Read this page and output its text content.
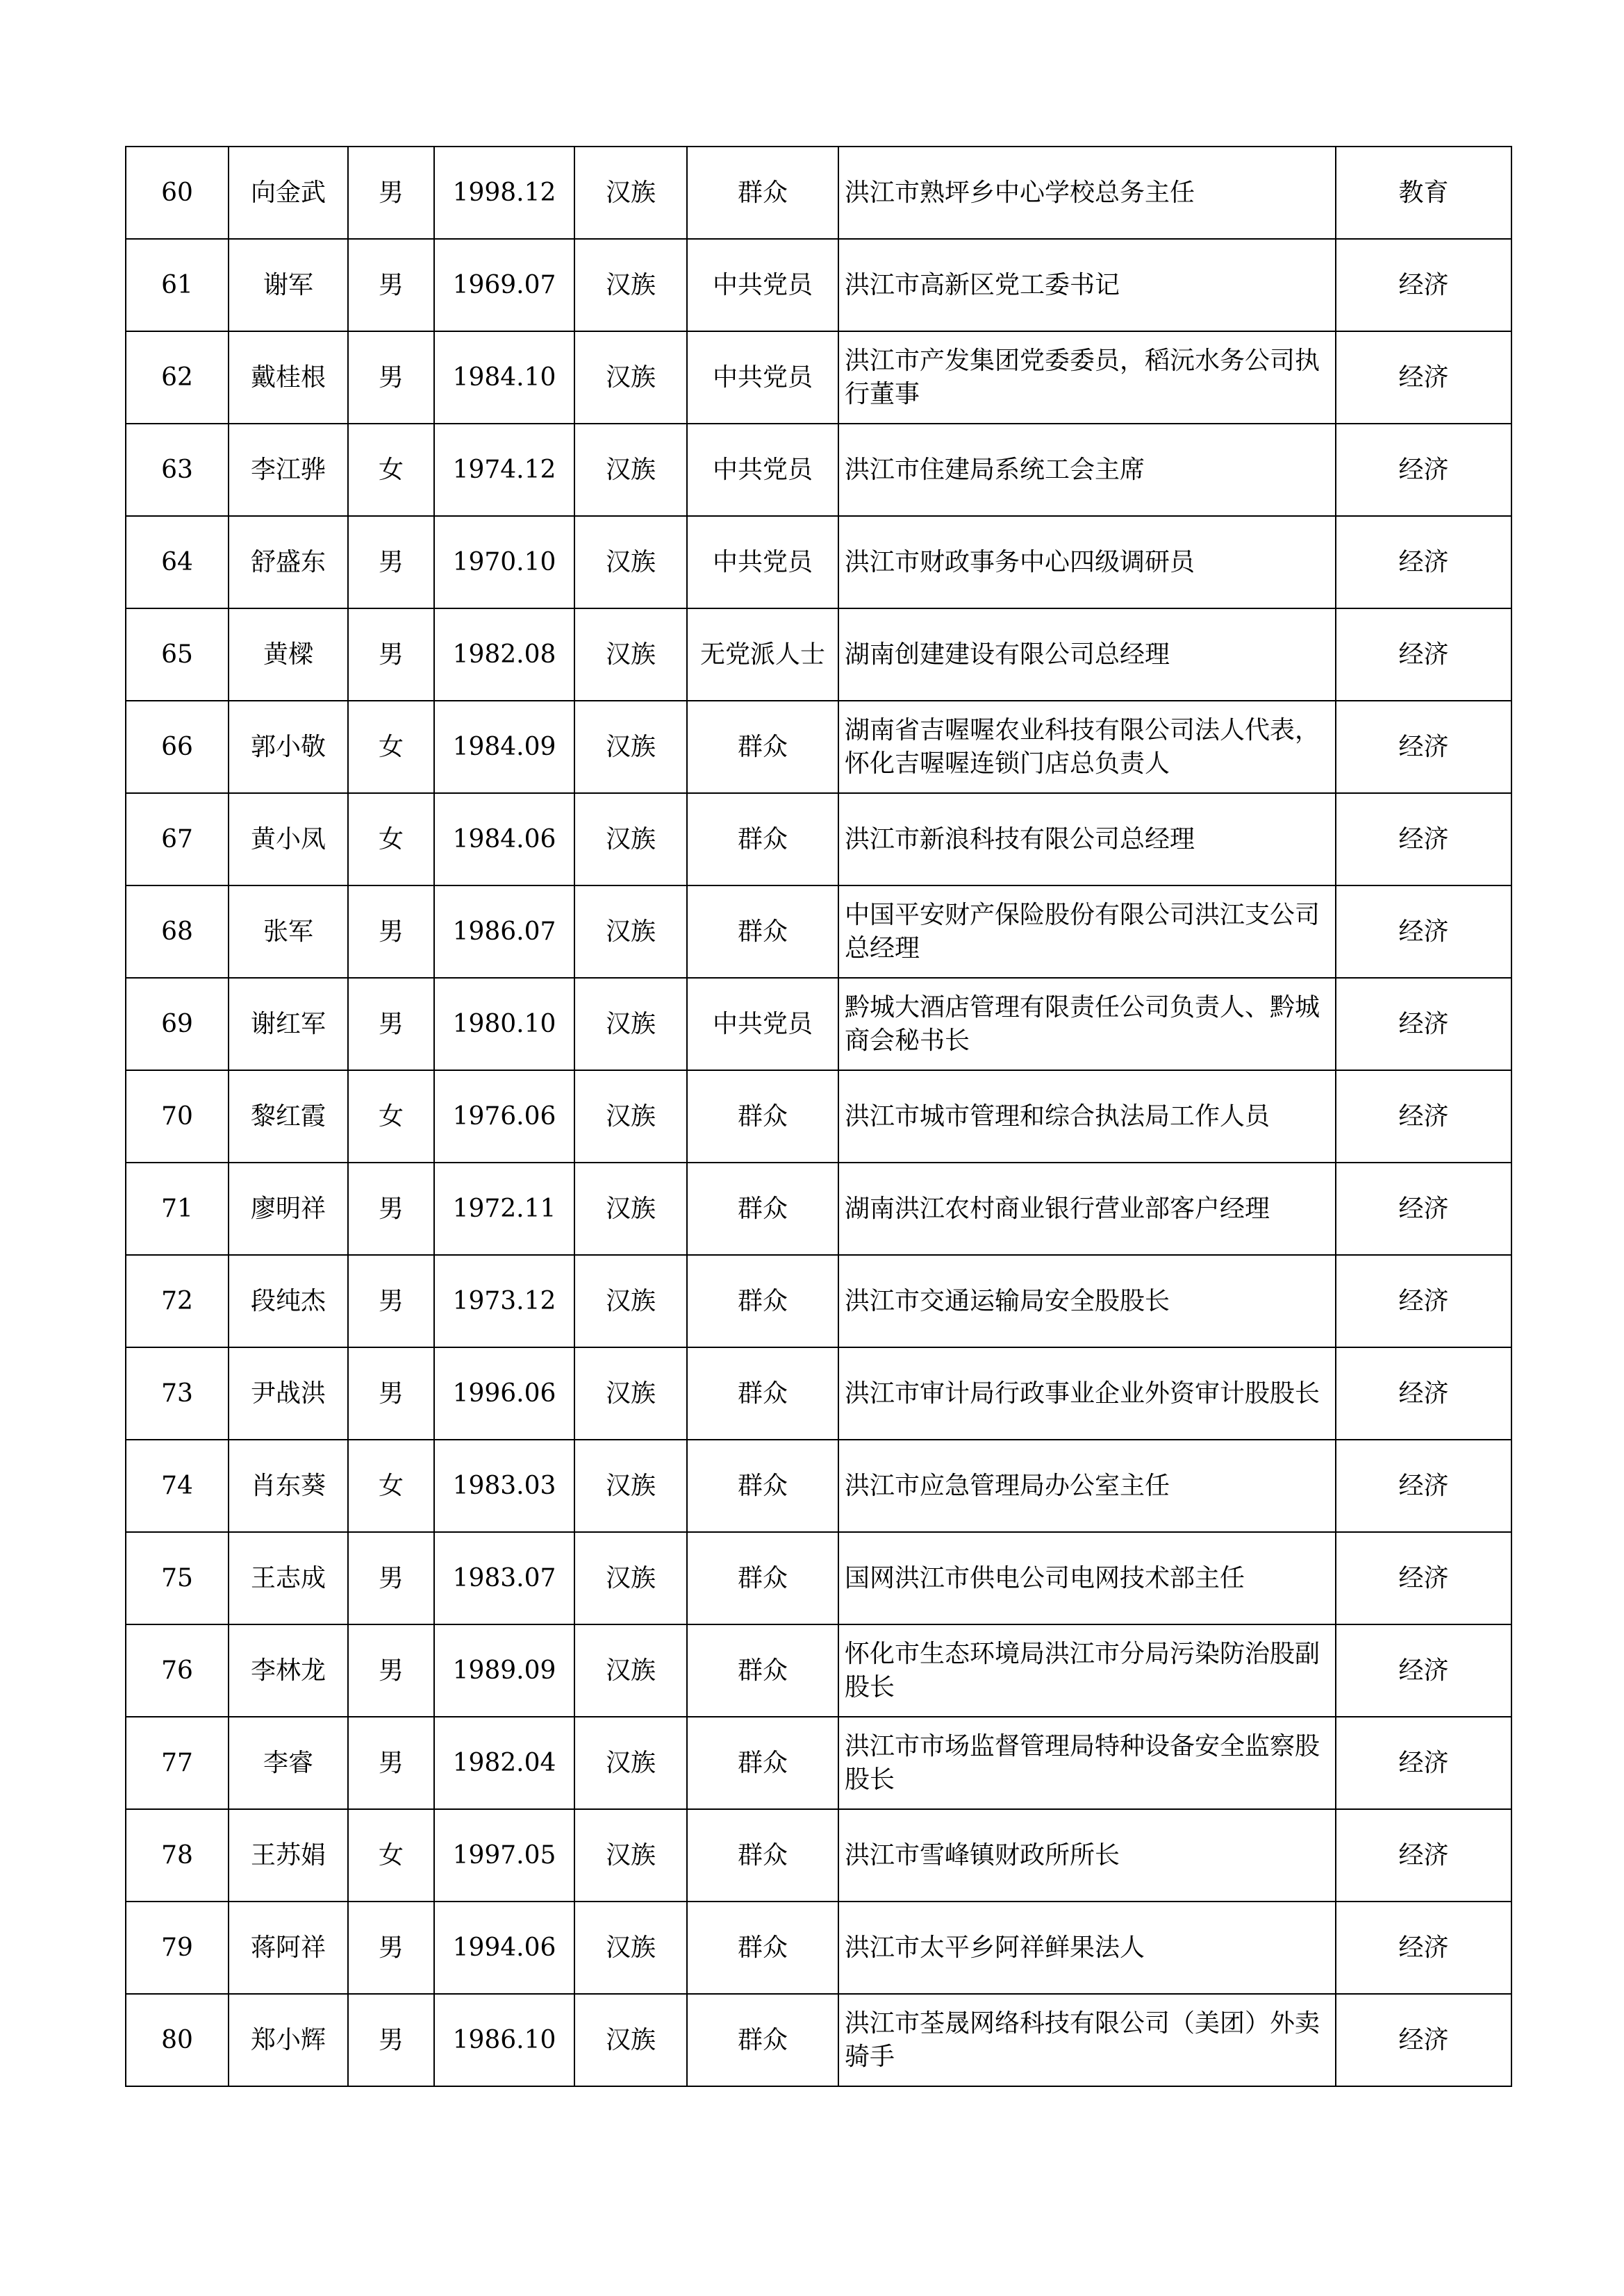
60	向金武	男	1998.12	汉族	群众	洪江市熟坪乡中心学校总务主任	教育
61	谢军	男	1969.07	汉族	中共党员	洪江市高新区党工委书记	经济
62	戴桂根	男	1984.10	汉族	中共党员	洪江市产发集团党委委员，稻沅水务公司执行董事	经济
63	李江骅	女	1974.12	汉族	中共党员	洪江市住建局系统工会主席	经济
64	舒盛东	男	1970.10	汉族	中共党员	洪江市财政事务中心四级调研员	经济
65	黄樑	男	1982.08	汉族	无党派人士	湖南创建建设有限公司总经理	经济
66	郭小敬	女	1984.09	汉族	群众	湖南省吉喔喔农业科技有限公司法人代表，怀化吉喔喔连锁门店总负责人	经济
67	黄小凤	女	1984.06	汉族	群众	洪江市新浪科技有限公司总经理	经济
68	张军	男	1986.07	汉族	群众	中国平安财产保险股份有限公司洪江支公司总经理	经济
69	谢红军	男	1980.10	汉族	中共党员	黔城大酒店管理有限责任公司负责人、黔城商会秘书长	经济
70	黎红霞	女	1976.06	汉族	群众	洪江市城市管理和综合执法局工作人员	经济
71	廖明祥	男	1972.11	汉族	群众	湖南洪江农村商业银行营业部客户经理	经济
72	段纯杰	男	1973.12	汉族	群众	洪江市交通运输局安全股股长	经济
73	尹战洪	男	1996.06	汉族	群众	洪江市审计局行政事业企业外资审计股股长	经济
74	肖东葵	女	1983.03	汉族	群众	洪江市应急管理局办公室主任	经济
75	王志成	男	1983.07	汉族	群众	国网洪江市供电公司电网技术部主任	经济
76	李林龙	男	1989.09	汉族	群众	怀化市生态环境局洪江市分局污染防治股副股长	经济
77	李睿	男	1982.04	汉族	群众	洪江市市场监督管理局特种设备安全监察股股长	经济
78	王苏娟	女	1997.05	汉族	群众	洪江市雪峰镇财政所所长	经济
79	蒋阿祥	男	1994.06	汉族	群众	洪江市太平乡阿祥鲜果法人	经济
80	郑小辉	男	1986.10	汉族	群众	洪江市荃晟网络科技有限公司（美团）外卖骑手	经济
